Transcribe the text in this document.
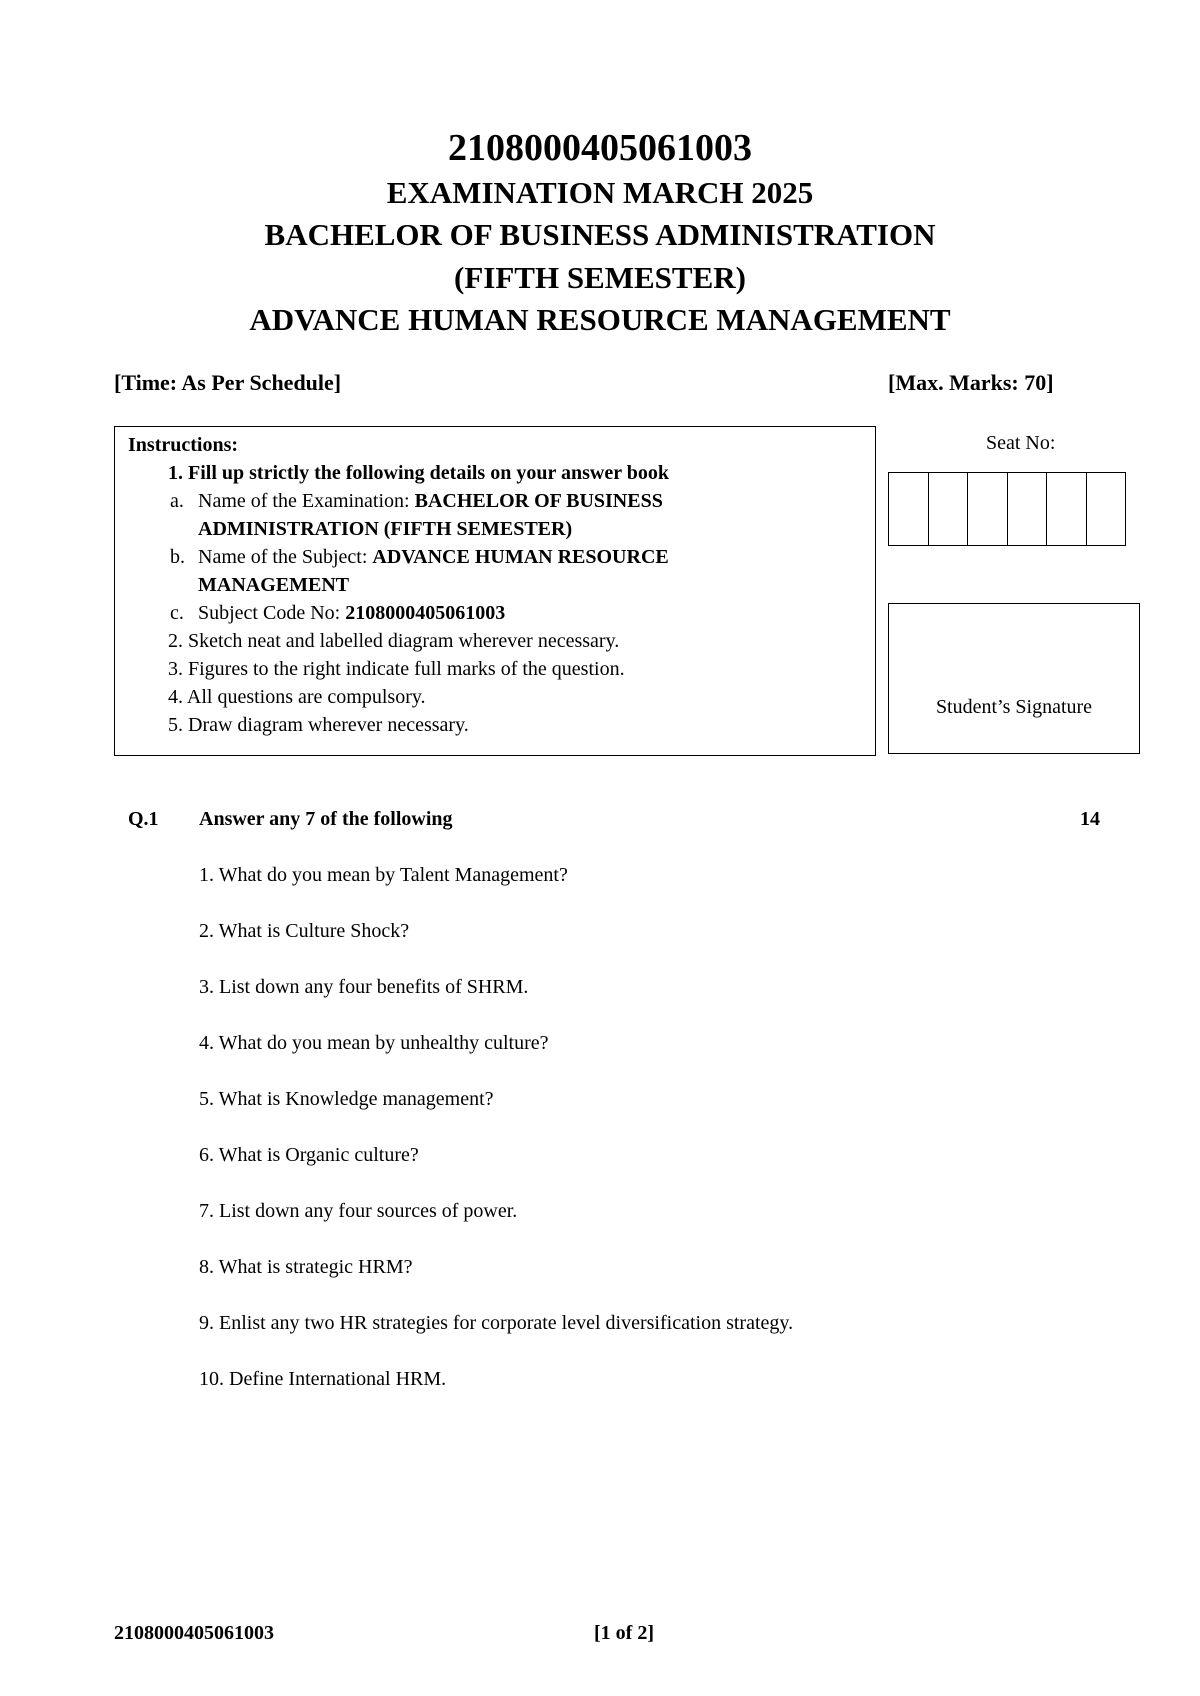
2108000405061003
EXAMINATION MARCH 2025
BACHELOR OF BUSINESS ADMINISTRATION
(FIFTH SEMESTER)
ADVANCE HUMAN RESOURCE MANAGEMENT
[Time: As Per Schedule]	[Max. Marks: 70]
Instructions:
1. Fill up strictly the following details on your answer book
a. Name of the Examination: BACHELOR OF BUSINESS
ADMINISTRATION (FIFTH SEMESTER)
b. Name of the Subject: ADVANCE HUMAN RESOURCE
MANAGEMENT
c. Subject Code No: 2108000405061003
2. Sketch neat and labelled diagram wherever necessary.
3. Figures to the right indicate full marks of the question.
4. All questions are compulsory.
5. Draw diagram wherever necessary.
Seat No:
Student’s Signature
Q.1 Answer any 7 of the following	14
1. What do you mean by Talent Management?
2. What is Culture Shock?
3. List down any four benefits of SHRM.
4. What do you mean by unhealthy culture?
5. What is Knowledge management?
6. What is Organic culture?
7. List down any four sources of power.
8. What is strategic HRM?
9. Enlist any two HR strategies for corporate level diversification strategy.
10. Define International HRM.
2108000405061003	[1 of 2]
